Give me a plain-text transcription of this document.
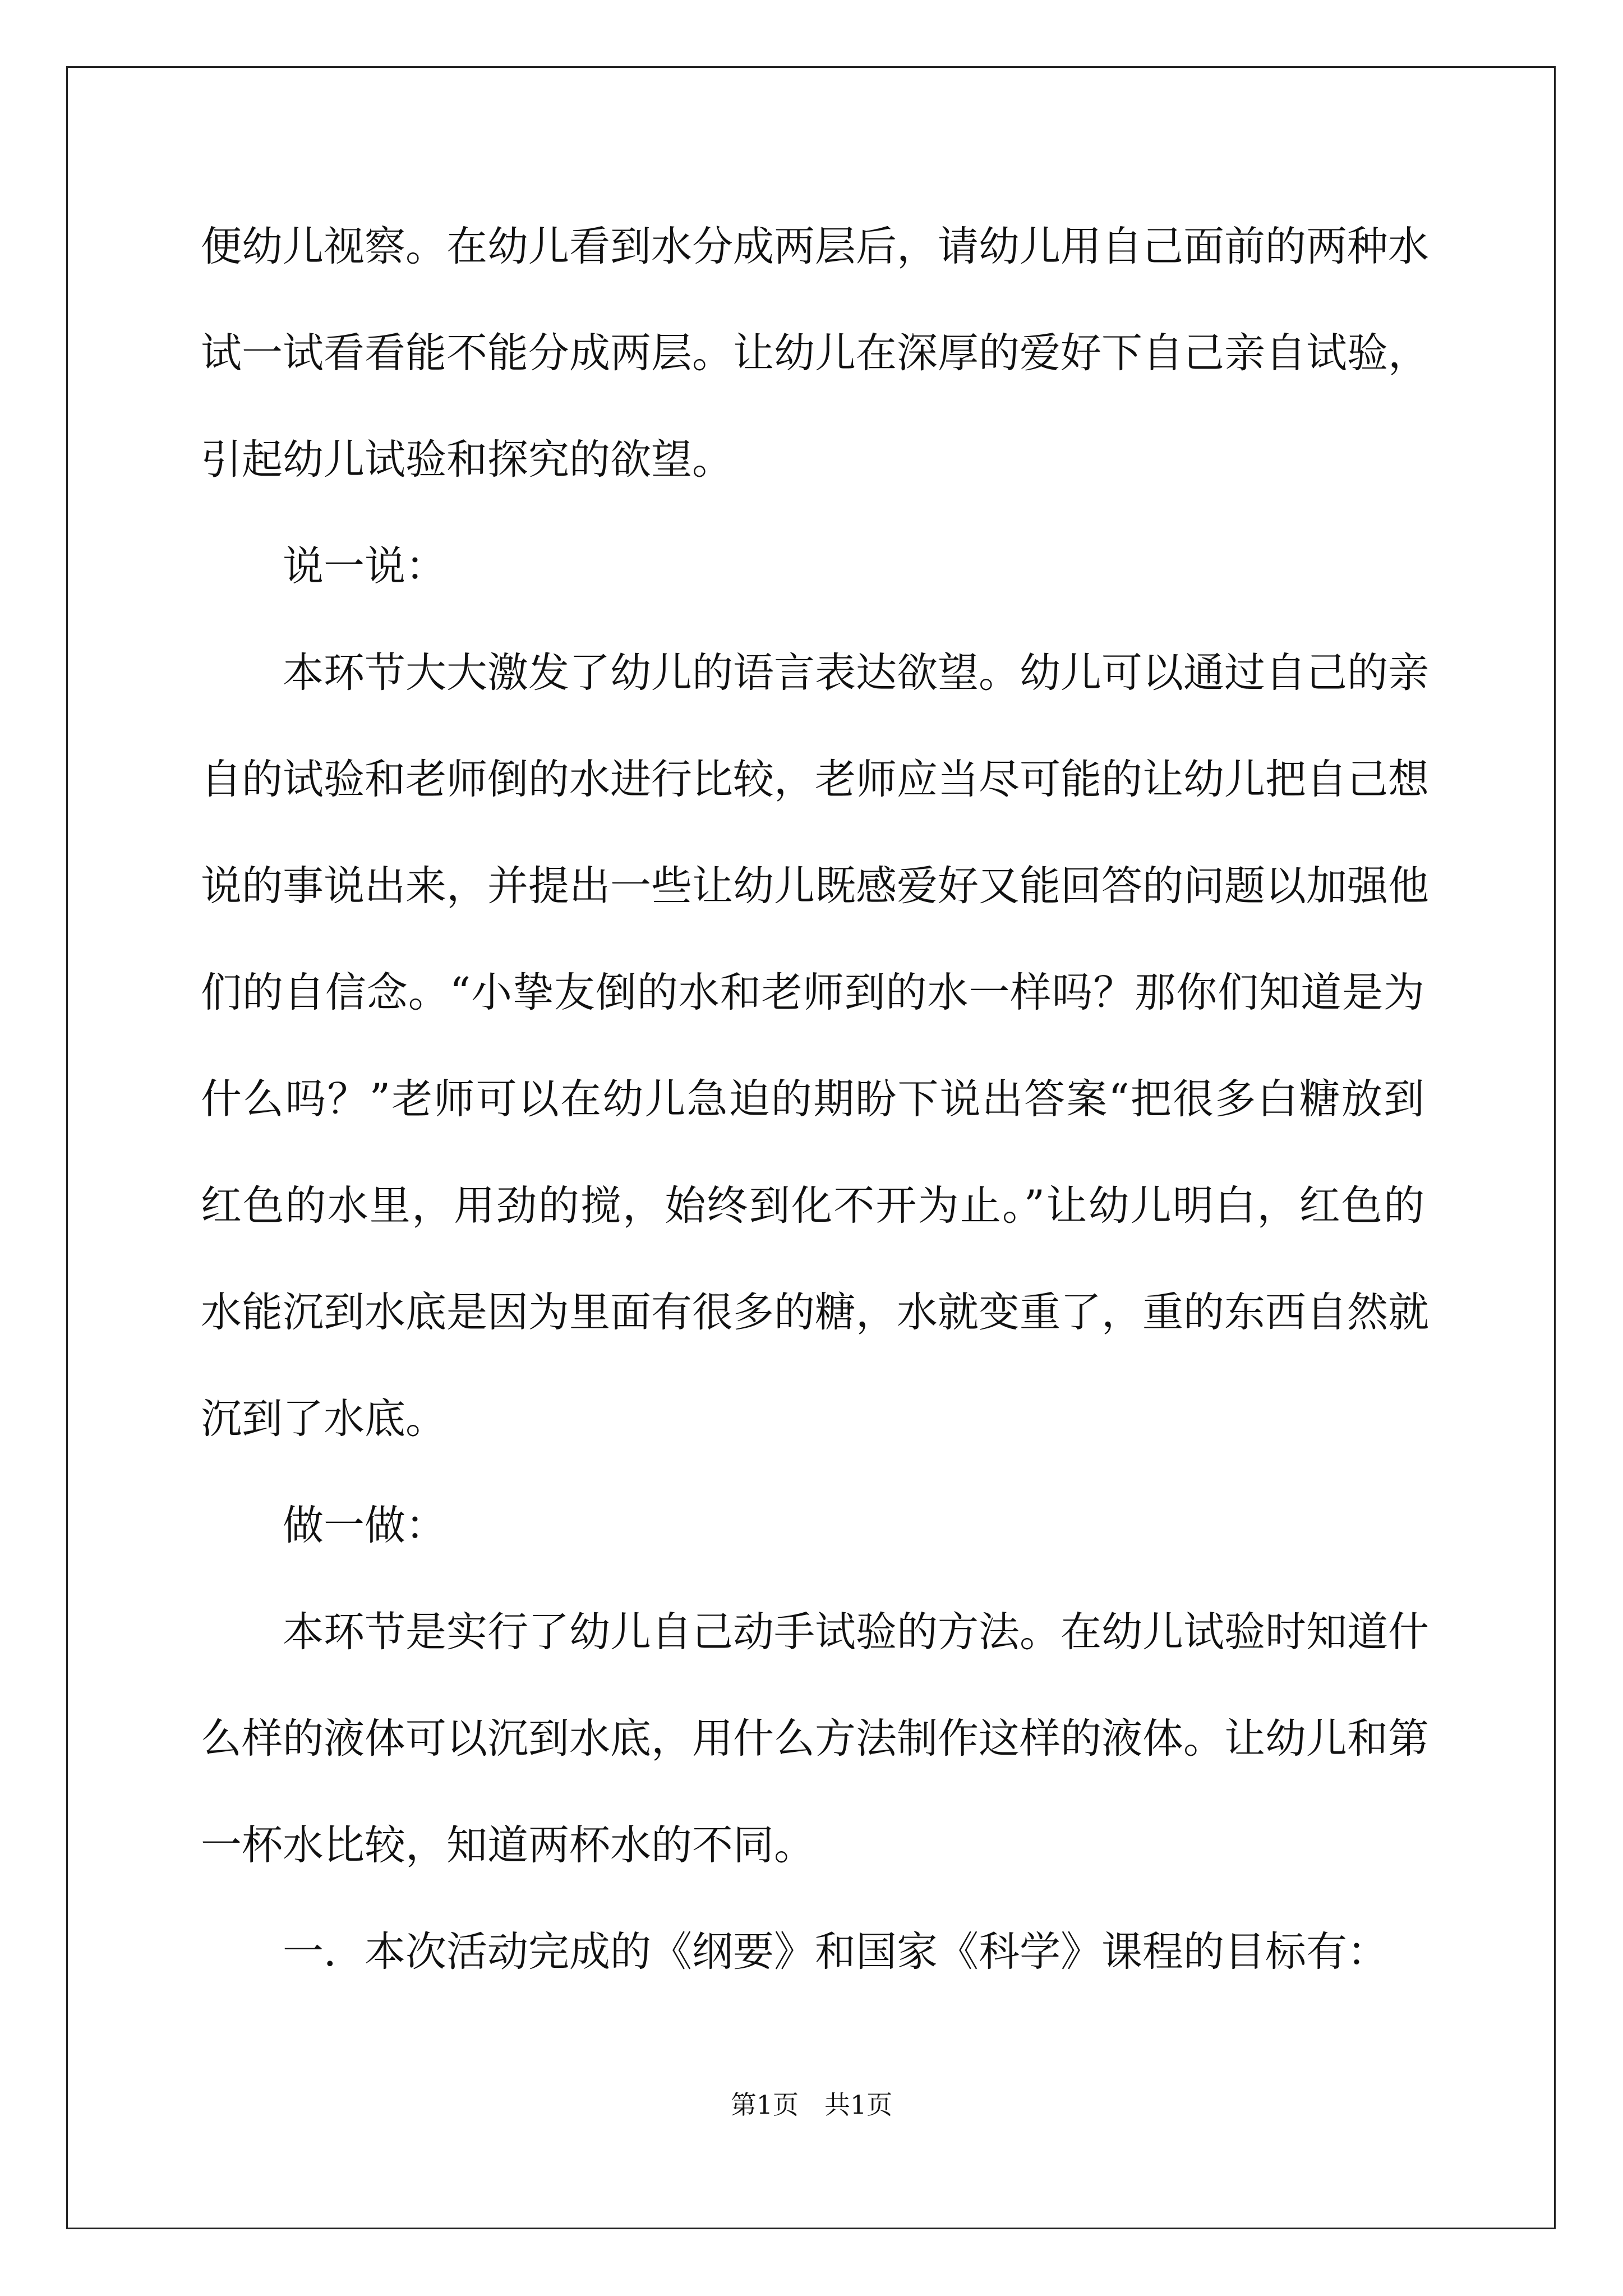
便幼儿视察。在幼儿看到水分成两层后，请幼儿用自己面前的两种水
试一试看看能不能分成两层。让幼儿在深厚的爱好下自己亲自试验，
引起幼儿试验和探究的欲望。
说一说：
本环节大大激发了幼儿的语言表达欲望。幼儿可以通过自己的亲
自的试验和老师倒的水进行比较，老师应当尽可能的让幼儿把自己想
说的事说出来，并提出一些让幼儿既感爱好又能回答的问题以加强他
们的自信念。“小挚友倒的水和老师到的水一样吗？那你们知道是为
什么吗？”老师可以在幼儿急迫的期盼下说出答案“把很多白糖放到
红色的水里，用劲的搅，始终到化不开为止。”让幼儿明白，红色的
水能沉到水底是因为里面有很多的糖，水就变重了，重的东西自然就
沉到了水底。
做一做：
本环节是实行了幼儿自己动手试验的方法。在幼儿试验时知道什
么样的液体可以沉到水底，用什么方法制作这样的液体。让幼儿和第
一杯水比较，知道两杯水的不同。
一．本次活动完成的《纲要》和国家《科学》课程的目标有：
第1页　共1页
